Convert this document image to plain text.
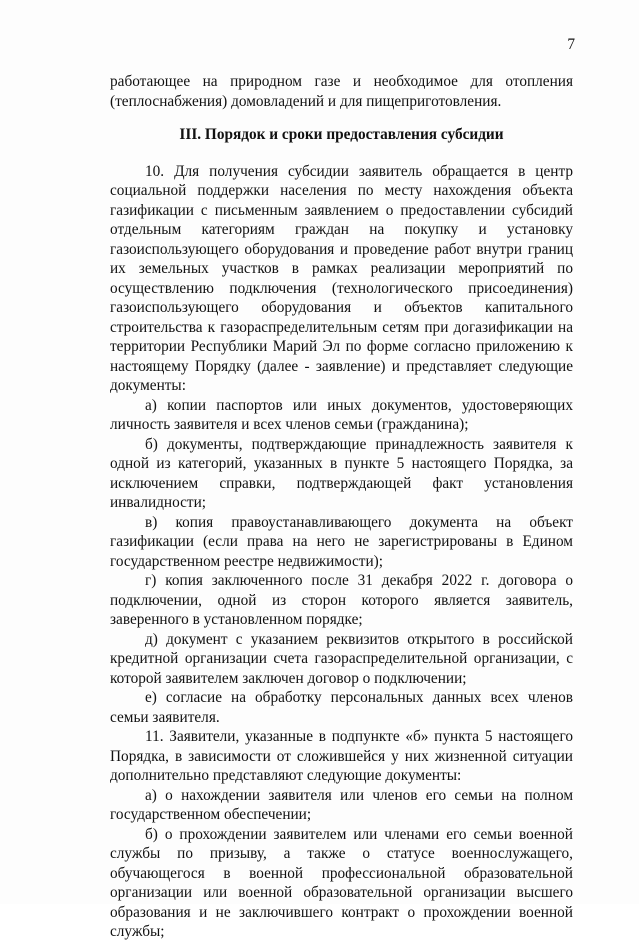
7

работающее на природном газе и необходимое для отопления (теплоснабжения) домовладений и для пищеприготовления.

III. Порядок и сроки предоставления субсидии

10. Для получения субсидии заявитель обращается в центр социальной поддержки населения по месту нахождения объекта газификации с письменным заявлением о предоставлении субсидий отдельным категориям граждан на покупку и установку газоиспользующего оборудования и проведение работ внутри границ их земельных участков в рамках реализации мероприятий по осуществлению подключения (технологического присоединения) газоиспользующего оборудования и объектов капитального строительства к газораспределительным сетям при догазификации на территории Республики Марий Эл по форме согласно приложению к настоящему Порядку (далее - заявление) и представляет следующие документы:

а) копии паспортов или иных документов, удостоверяющих личность заявителя и всех членов семьи (гражданина);

б) документы, подтверждающие принадлежность заявителя к одной из категорий, указанных в пункте 5 настоящего Порядка, за исключением справки, подтверждающей факт установления инвалидности;

в) копия правоустанавливающего документа на объект газификации (если права на него не зарегистрированы в Едином государственном реестре недвижимости);

г) копия заключенного после 31 декабря 2022 г. договора о подключении, одной из сторон которого является заявитель, заверенного в установленном порядке;

д) документ с указанием реквизитов открытого в российской кредитной организации счета газораспределительной организации, с которой заявителем заключен договор о подключении;

е) согласие на обработку персональных данных всех членов семьи заявителя.

11. Заявители, указанные в подпункте «б» пункта 5 настоящего Порядка, в зависимости от сложившейся у них жизненной ситуации дополнительно представляют следующие документы:

а) о нахождении заявителя или членов его семьи на полном государственном обеспечении;

б) о прохождении заявителем или членами его семьи военной службы по призыву, а также о статусе военнослужащего, обучающегося в военной профессиональной образовательной организации или военной образовательной организации высшего образования и не заключившего контракт о прохождении военной службы;
